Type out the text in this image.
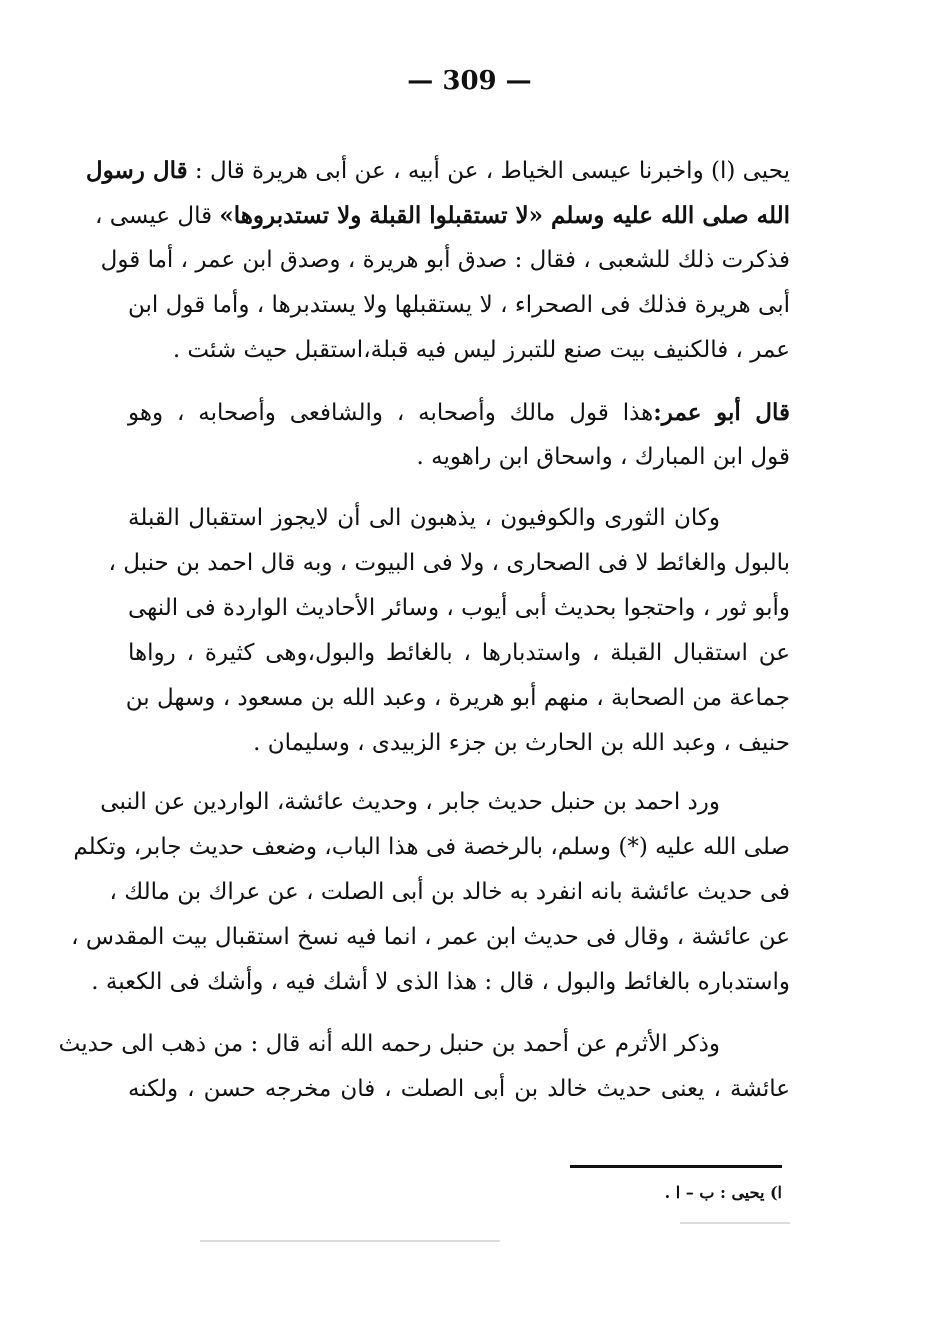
— 309 —
يحيى (ا) واخبرنا عيسى الخياط ، عن أبيه ، عن أبى هريرة قال : قال رسول
الله صلى الله عليه وسلم «لا تستقبلوا القبلة ولا تستدبروها» قال عيسى ،
فذكرت ذلك للشعبى ، فقال : صدق أبو هريرة ، وصدق ابن عمر ، أما قول
أبى هريرة فذلك فى الصحراء ، لا يستقبلها ولا يستدبرها ، وأما قول ابن
عمر ، فالكنيف بيت صنع للتبرز ليس فيه قبلة،استقبل حيث شئت .
قال أبو عمر:هذا قول مالك وأصحابه ، والشافعى وأصحابه ، وهو
قول ابن المبارك ، واسحاق ابن راهويه .
وكان الثورى والكوفيون ، يذهبون الى أن لايجوز استقبال القبلة
بالبول والغائط لا فى الصحارى ، ولا فى البيوت ، وبه قال احمد بن حنبل ،
وأبو ثور ، واحتجوا بحديث أبى أيوب ، وسائر الأحاديث الواردة فى النهى
عن استقبال القبلة ، واستدبارها ، بالغائط والبول،وهى كثيرة ، رواها
جماعة من الصحابة ، منهم أبو هريرة ، وعبد الله بن مسعود ، وسهل بن
حنيف ، وعبد الله بن الحارث بن جزء الزبيدى ، وسليمان .
ورد احمد بن حنبل حديث جابر ، وحديث عائشة، الواردين عن النبى
صلى الله عليه (*) وسلم، بالرخصة فى هذا الباب، وضعف حديث جابر، وتكلم
فى حديث عائشة بانه انفرد به خالد بن أبى الصلت ، عن عراك بن مالك ،
عن عائشة ، وقال فى حديث ابن عمر ، انما فيه نسخ استقبال بيت المقدس ،
واستدباره بالغائط والبول ، قال : هذا الذى لا أشك فيه ، وأشك فى الكعبة .
وذكر الأثرم عن أحمد بن حنبل رحمه الله أنه قال : من ذهب الى حديث
عائشة ، يعنى حديث خالد بن أبى الصلت ، فان مخرجه حسن ، ولكنه
ا) يحيى : ب – ا .
